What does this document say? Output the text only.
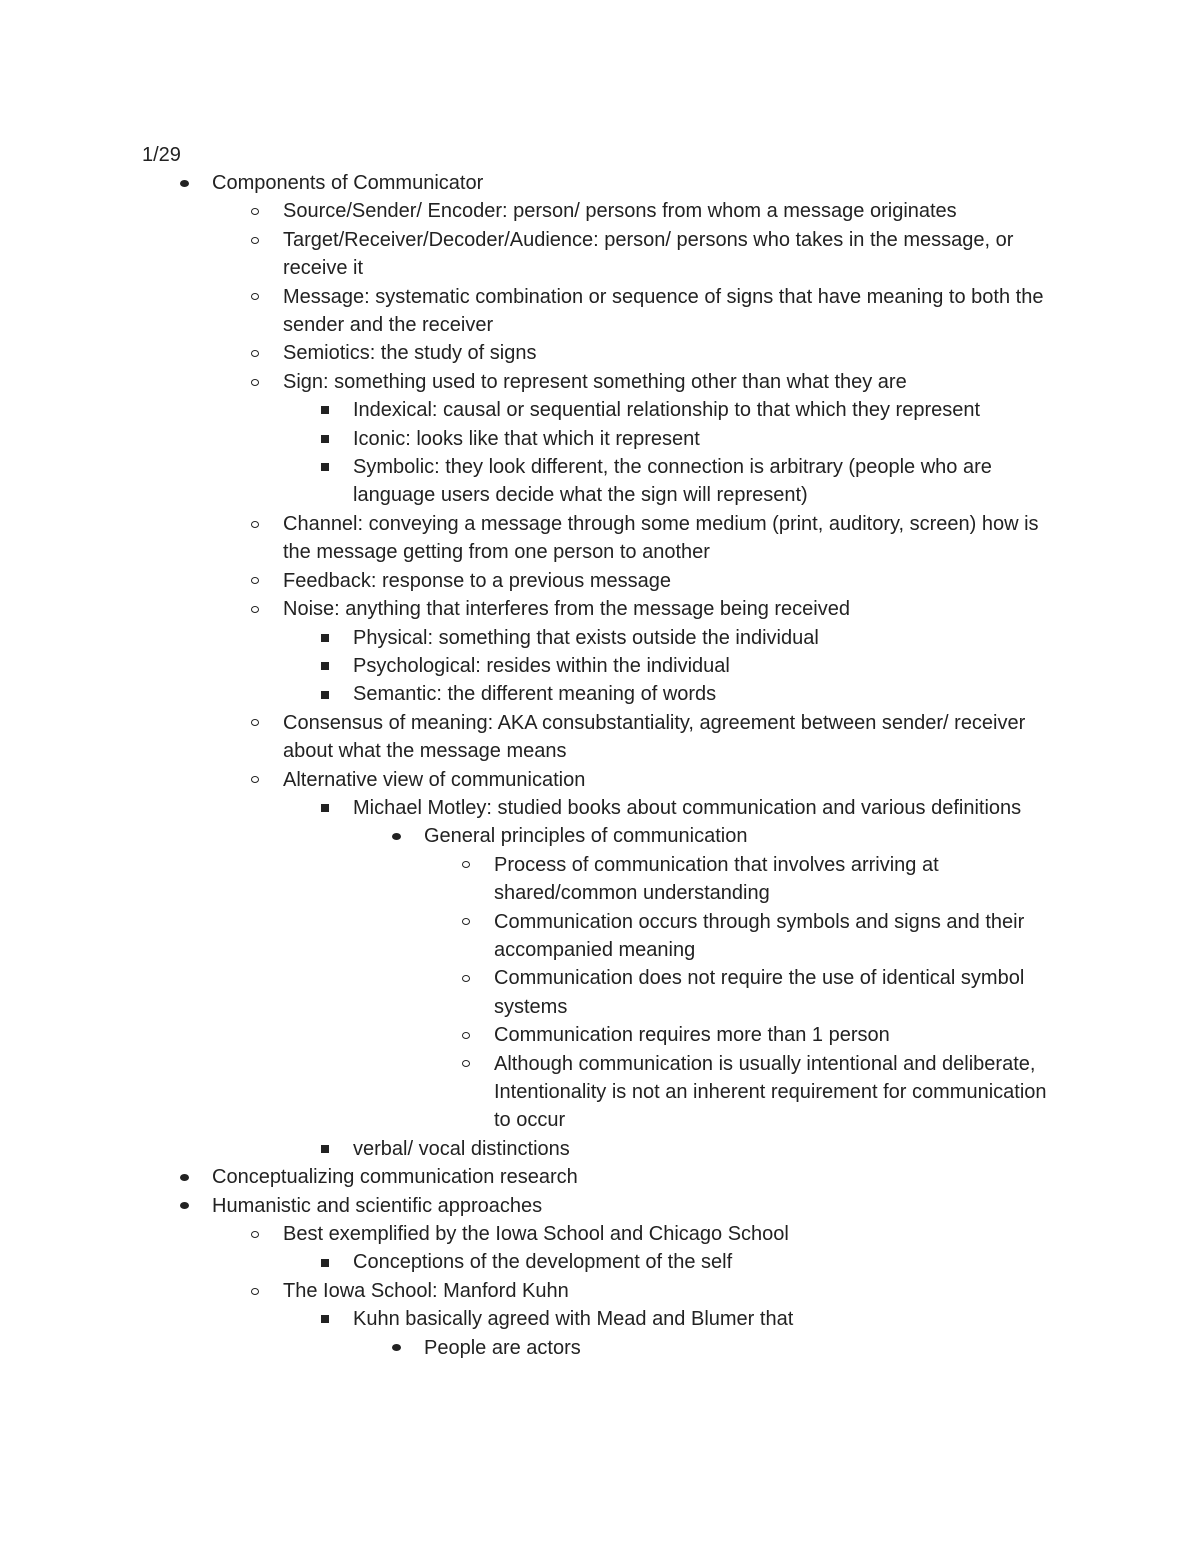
1/29
Components of Communicator
Source/Sender/ Encoder: person/ persons from whom a message originates
Target/Receiver/Decoder/Audience: person/ persons who takes in the message, or receive it
Message: systematic combination or sequence of signs that have meaning to both the sender and the receiver
Semiotics: the study of signs
Sign: something used to represent something other than what they are
Indexical: causal or sequential relationship to that which they represent
Iconic: looks like that which it represent
Symbolic: they look different, the connection is arbitrary (people who are language users decide what the sign will represent)
Channel: conveying a message through some medium (print, auditory, screen) how is the message getting from one person to another
Feedback: response to a previous message
Noise: anything that interferes from the message being received
Physical: something that exists outside the individual
Psychological: resides within the individual
Semantic: the different meaning of words
Consensus of meaning: AKA consubstantiality, agreement between sender/ receiver about what the message means
Alternative view of communication
Michael Motley: studied books about communication and various definitions
General principles of communication
Process of communication that involves arriving at shared/common understanding
Communication occurs through symbols and signs and their accompanied meaning
Communication does not require the use of identical symbol systems
Communication requires more than 1 person
Although communication is usually intentional and deliberate, Intentionality is not an inherent requirement for communication to occur
verbal/ vocal distinctions
Conceptualizing communication research
Humanistic and scientific approaches
Best exemplified by the Iowa School and Chicago School
Conceptions of the development of the self
The Iowa School: Manford Kuhn
Kuhn basically agreed with Mead and Blumer that
People are actors
